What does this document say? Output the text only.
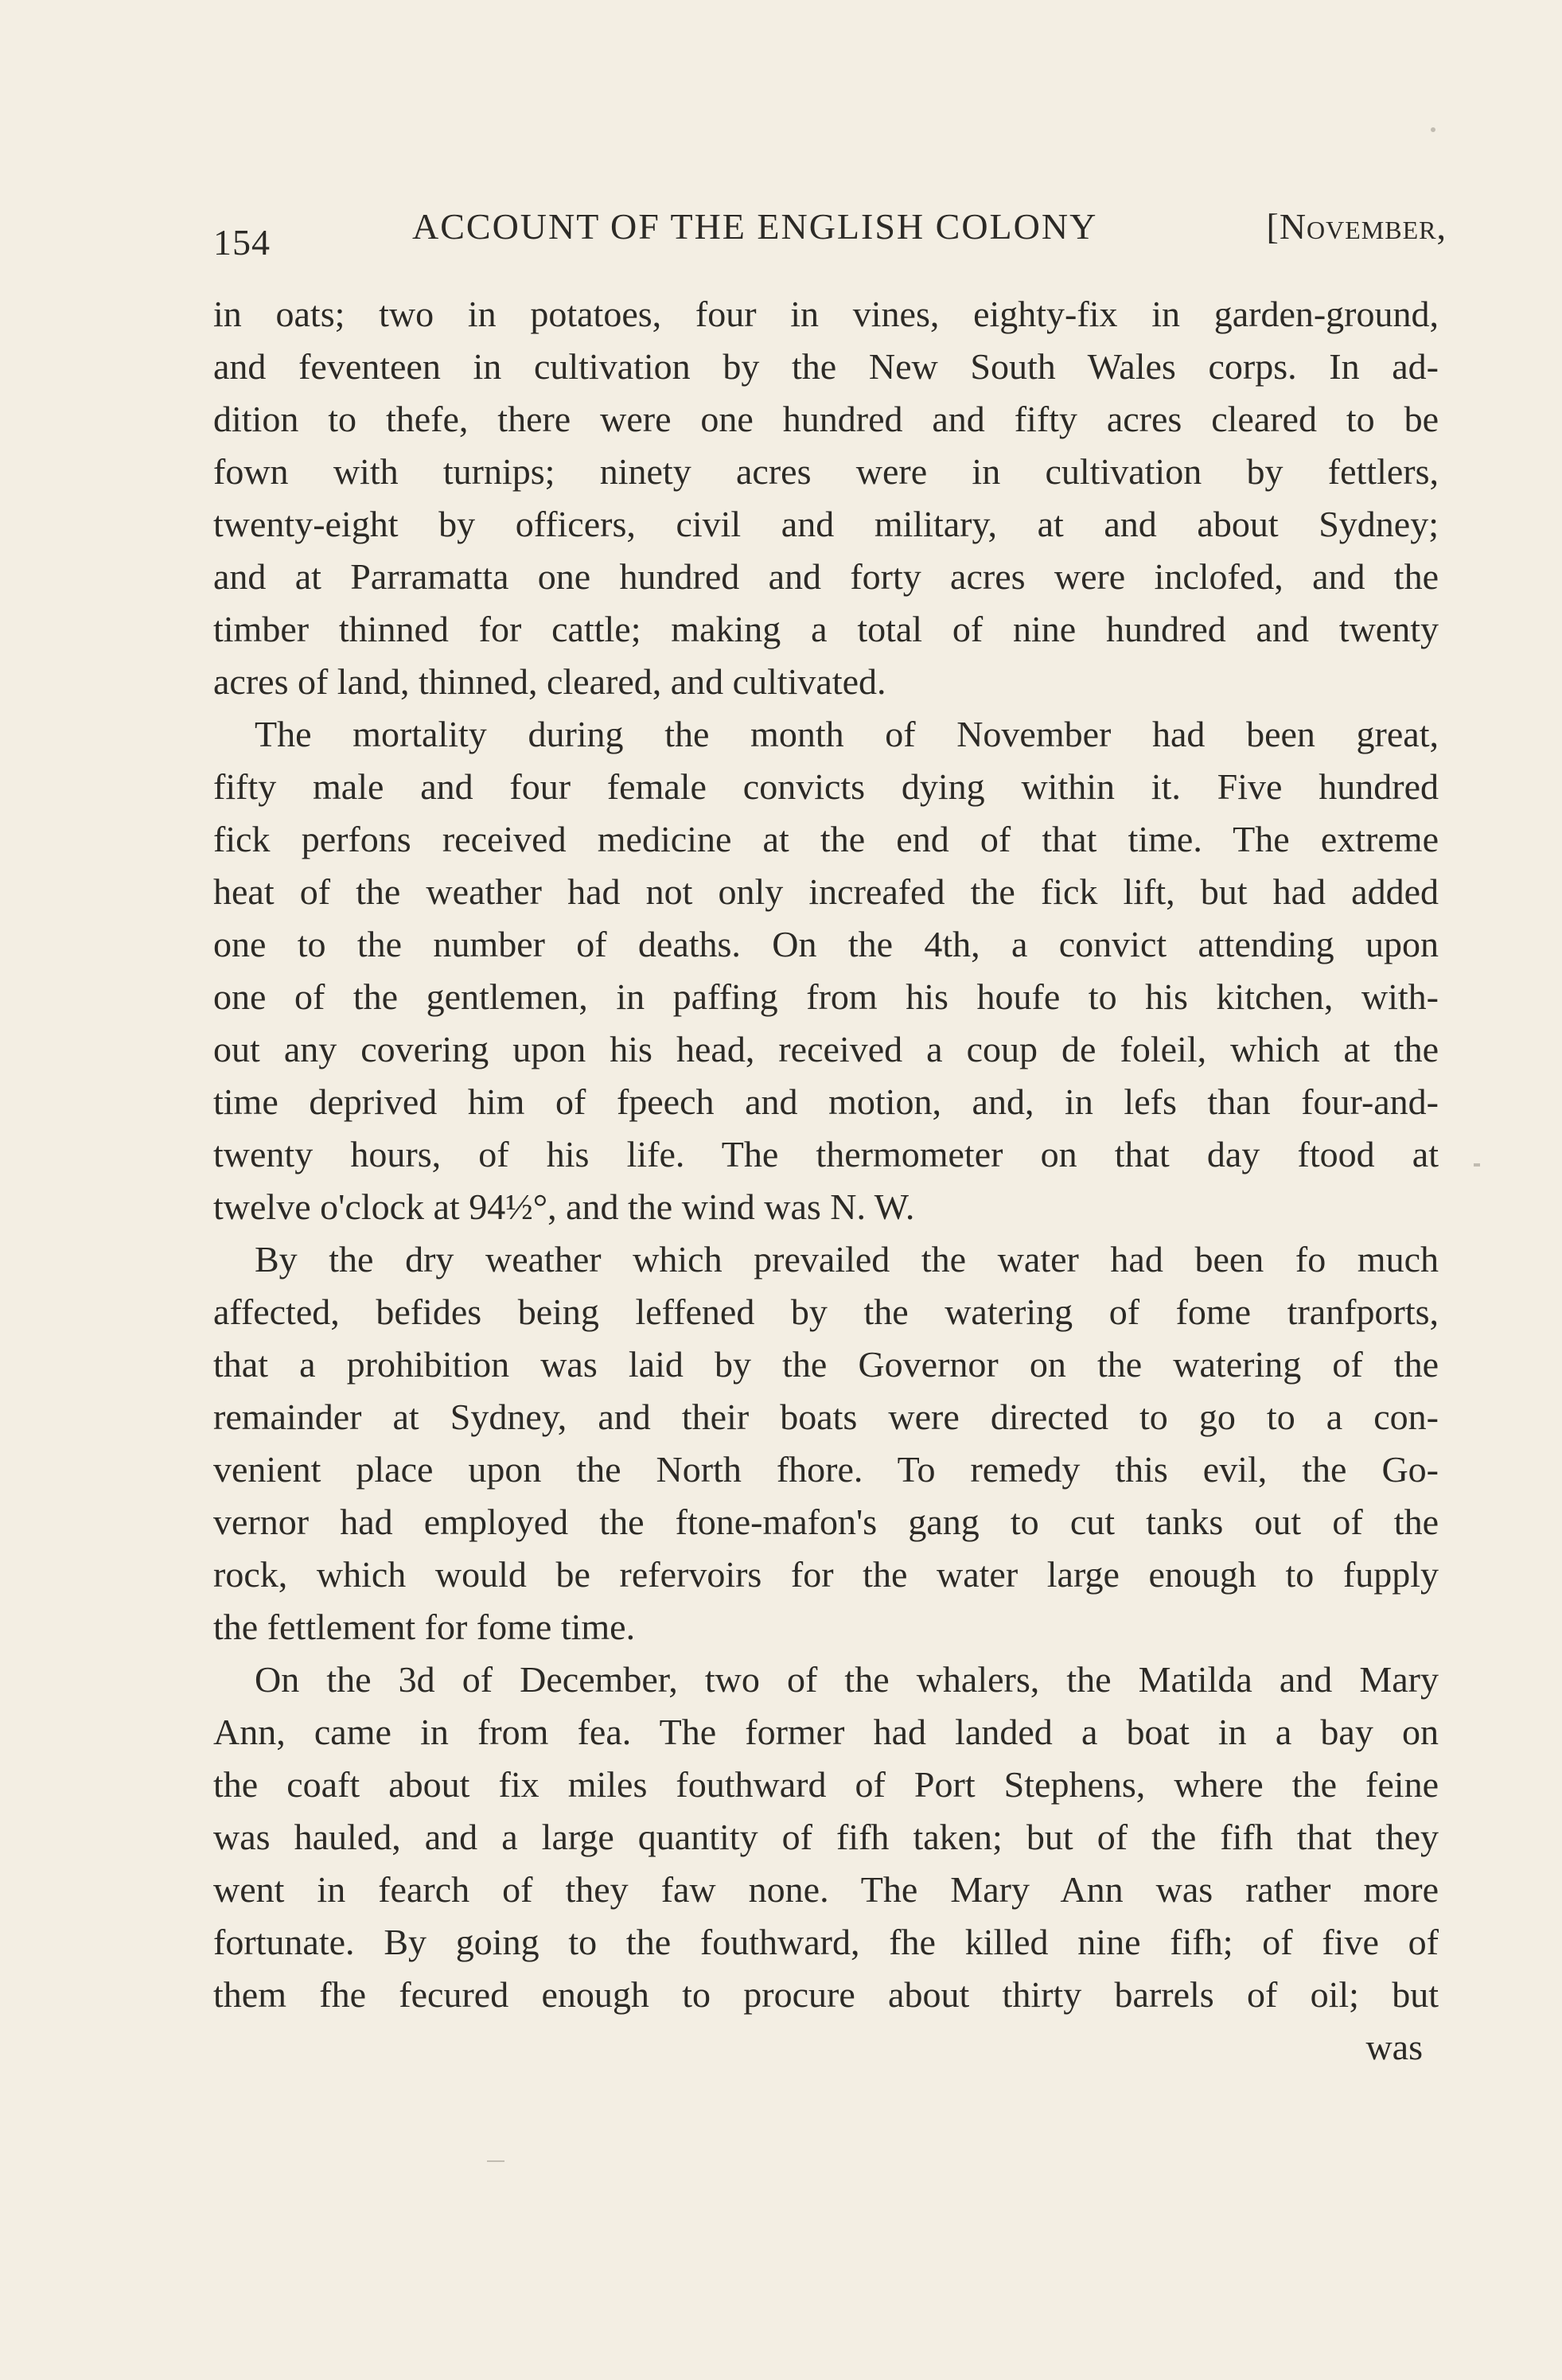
154	ACCOUNT OF THE ENGLISH COLONY	[November,
in oats; two in potatoes, four in vines, eighty-fix in garden-ground,
and feventeen in cultivation by the New South Wales corps. In ad-
dition to thefe, there were one hundred and fifty acres cleared to be
fown with turnips; ninety acres were in cultivation by fettlers,
twenty-eight by officers, civil and military, at and about Sydney;
and at Parramatta one hundred and forty acres were inclofed, and the
timber thinned for cattle; making a total of nine hundred and twenty
acres of land, thinned, cleared, and cultivated.
The mortality during the month of November had been great,
fifty male and four female convicts dying within it. Five hundred
fick perfons received medicine at the end of that time. The extreme
heat of the weather had not only increafed the fick lift, but had added
one to the number of deaths. On the 4th, a convict attending upon
one of the gentlemen, in paffing from his houfe to his kitchen, with-
out any covering upon his head, received a coup de foleil, which at the
time deprived him of fpeech and motion, and, in lefs than four-and-
twenty hours, of his life. The thermometer on that day ftood at
twelve o'clock at 94½°, and the wind was N. W.
By the dry weather which prevailed the water had been fo much
affected, befides being leffened by the watering of fome tranfports,
that a prohibition was laid by the Governor on the watering of the
remainder at Sydney, and their boats were directed to go to a con-
venient place upon the North fhore. To remedy this evil, the Go-
vernor had employed the ftone-mafon's gang to cut tanks out of the
rock, which would be refervoirs for the water large enough to fupply
the fettlement for fome time.
On the 3d of December, two of the whalers, the Matilda and Mary
Ann, came in from fea. The former had landed a boat in a bay on
the coaft about fix miles fouthward of Port Stephens, where the feine
was hauled, and a large quantity of fifh taken; but of the fifh that they
went in fearch of they faw none. The Mary Ann was rather more
fortunate. By going to the fouthward, fhe killed nine fifh; of five of
them fhe fecured enough to procure about thirty barrels of oil; but
was
